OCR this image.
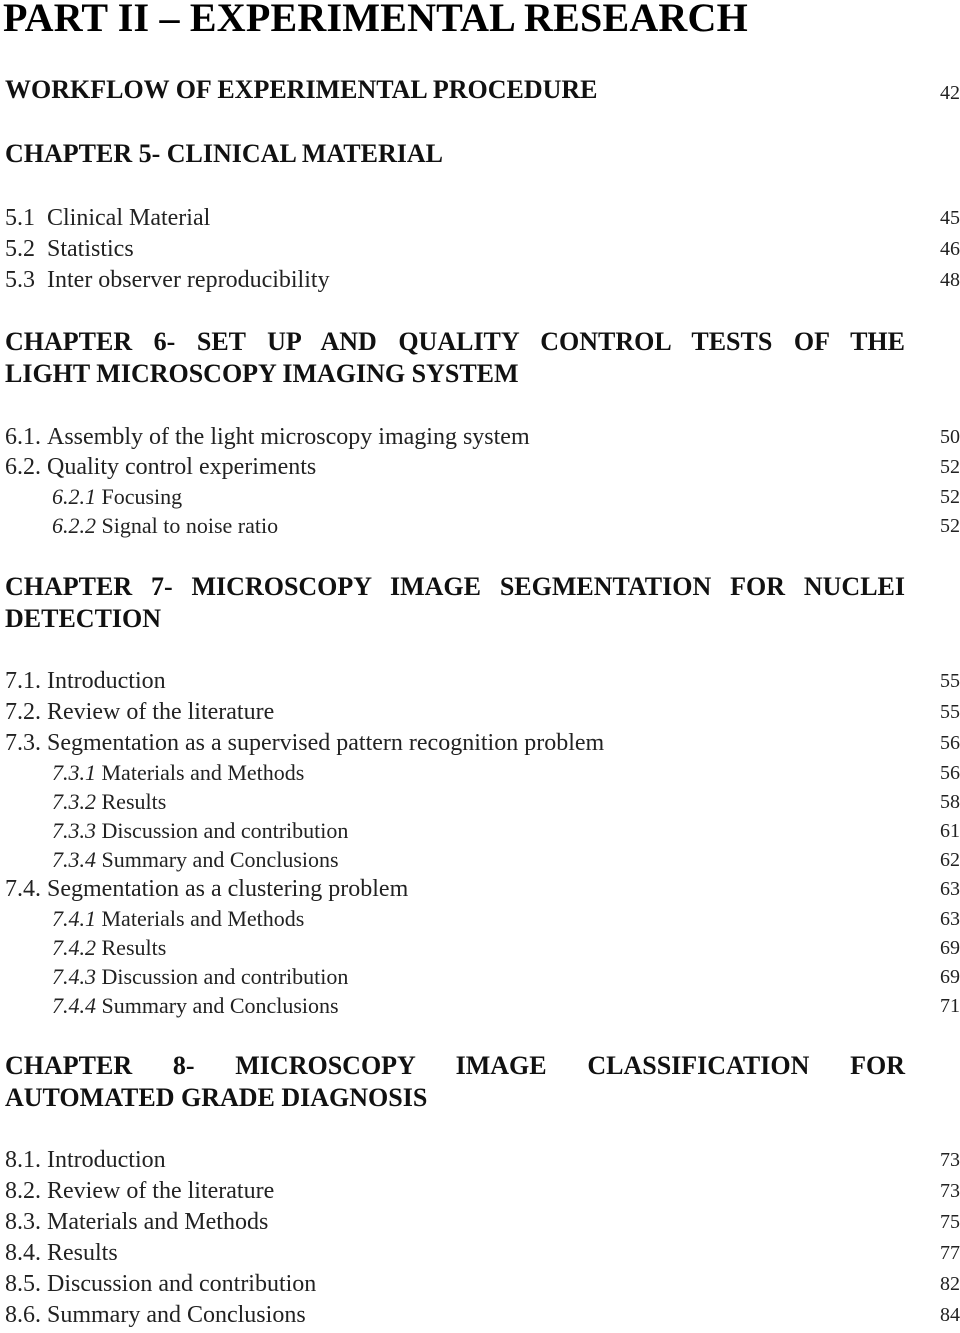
PART II – EXPERIMENTAL RESEARCH
WORKFLOW OF EXPERIMENTAL PROCEDURE	42
CHAPTER 5- CLINICAL MATERIAL
5.1 Clinical Material	45
5.2 Statistics	46
5.3 Inter observer reproducibility	48
CHAPTER 6- SET UP AND QUALITY CONTROL TESTS OF THE
LIGHT MICROSCOPY IMAGING SYSTEM
6.1. Assembly of the light microscopy imaging system	50
6.2. Quality control experiments	52
6.2.1 Focusing	52
6.2.2 Signal to noise ratio	52
CHAPTER 7- MICROSCOPY IMAGE SEGMENTATION FOR NUCLEI
DETECTION
7.1. Introduction	55
7.2. Review of the literature	55
7.3. Segmentation as a supervised pattern recognition problem	56
7.3.1 Materials and Methods	56
7.3.2 Results	58
7.3.3 Discussion and contribution	61
7.3.4 Summary and Conclusions	62
7.4. Segmentation as a clustering problem	63
7.4.1 Materials and Methods	63
7.4.2 Results	69
7.4.3 Discussion and contribution	69
7.4.4 Summary and Conclusions	71
CHAPTER 8- MICROSCOPY IMAGE CLASSIFICATION FOR
AUTOMATED GRADE DIAGNOSIS
8.1. Introduction	73
8.2. Review of the literature	73
8.3. Materials and Methods	75
8.4. Results	77
8.5. Discussion and contribution	82
8.6. Summary and Conclusions	84
